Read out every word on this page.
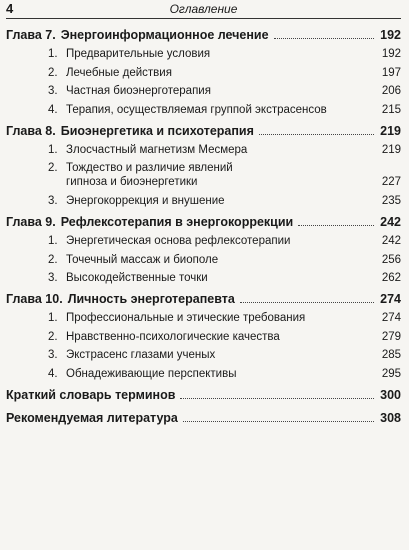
4	Оглавление
Глава 7. Энергоинформационное лечение	192
1. Предварительные условия	192
2. Лечебные действия	197
3. Частная биоэнерготерапия	206
4. Терапия, осуществляемая группой экстрасенсов	215
Глава 8. Биоэнергетика и психотерапия	219
1. Злосчастный магнетизм Месмера	219
2. Тождество и различие явлений
гипноза и биоэнергетики	227
3. Энергокоррекция и внушение	235
Глава 9. Рефлексотерапия в энергокоррекции	242
1. Энергетическая основа рефлексотерапии	242
2. Точечный массаж и биополе	256
3. Высокодейственные точки	262
Глава 10. Личность энерготерапевта	274
1. Профессиональные и этические требования	274
2. Нравственно-психологические качества	279
3. Экстрасенс глазами ученых	285
4. Обнадеживающие перспективы	295
Краткий словарь терминов	300
Рекомендуемая литература	308
